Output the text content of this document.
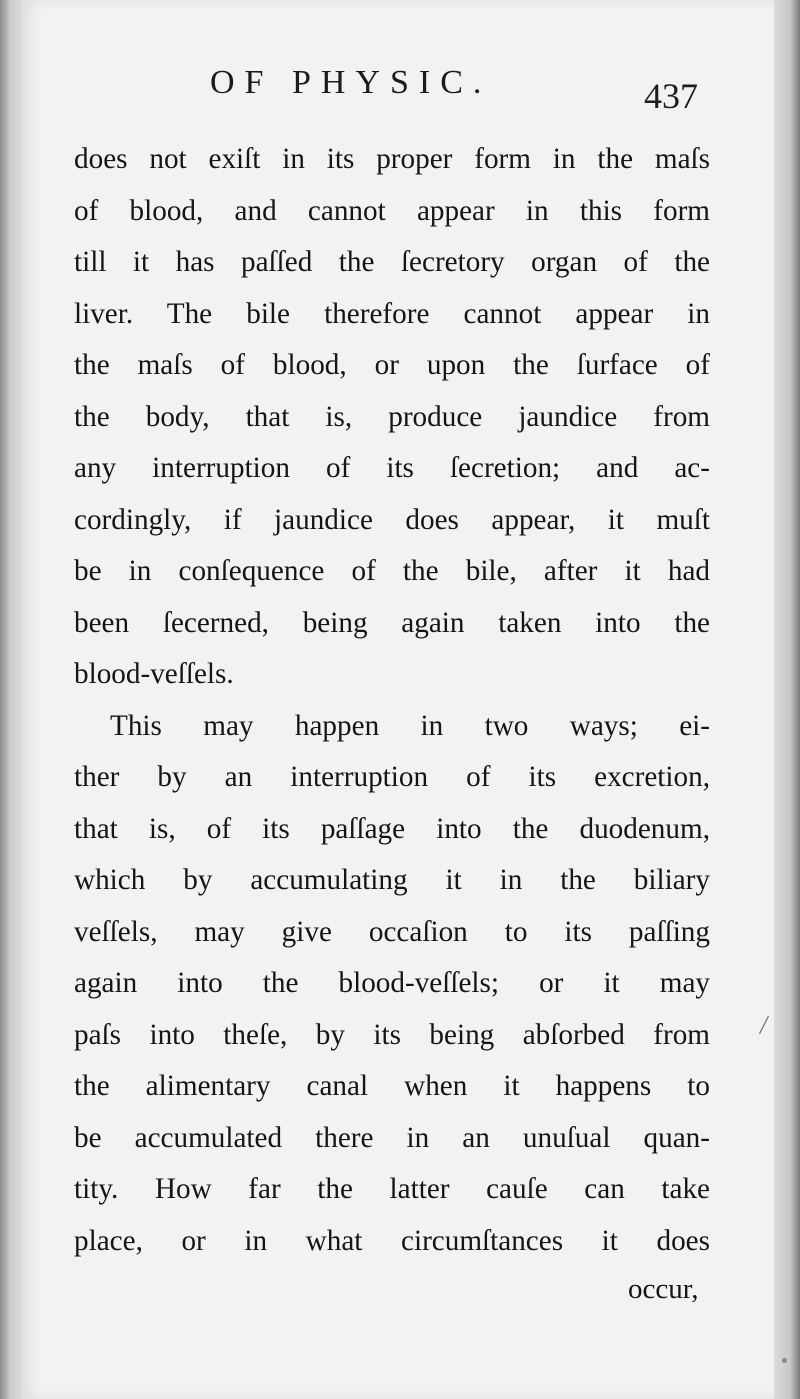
OF PHYSIC.	437
does not exiſt in its proper form in the maſs
of blood, and cannot appear in this form
till it has paſſed the ſecretory organ of the
liver. The bile therefore cannot appear in
the maſs of blood, or upon the ſurface of
the body, that is, produce jaundice from
any interruption of its ſecretion; and ac-
cordingly, if jaundice does appear, it muſt
be in conſequence of the bile, after it had
been ſecerned, being again taken into the
blood-veſſels.
This may happen in two ways; ei-
ther by an interruption of its excretion,
that is, of its paſſage into the duodenum,
which by accumulating it in the biliary
veſſels, may give occaſion to its paſſing
again into the blood-veſſels; or it may
paſs into theſe, by its being abſorbed from
the alimentary canal when it happens to
be accumulated there in an unuſual quan-
tity. How far the latter cauſe can take
place, or in what circumſtances it does
occur,
/
